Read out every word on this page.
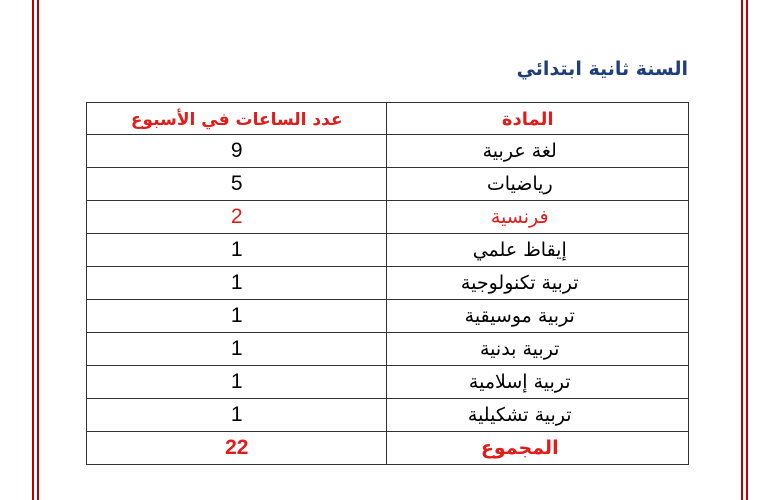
السنة ثانية ابتدائي
المادة	عدد الساعات في الأسبوع
لغة عربية	9
رياضيات	5
فرنسية	2
إيقاظ علمي	1
تربية تكنولوجية	1
تربية موسيقية	1
تربية بدنية	1
تربية إسلامية	1
تربية تشكيلية	1
المجموع	22
